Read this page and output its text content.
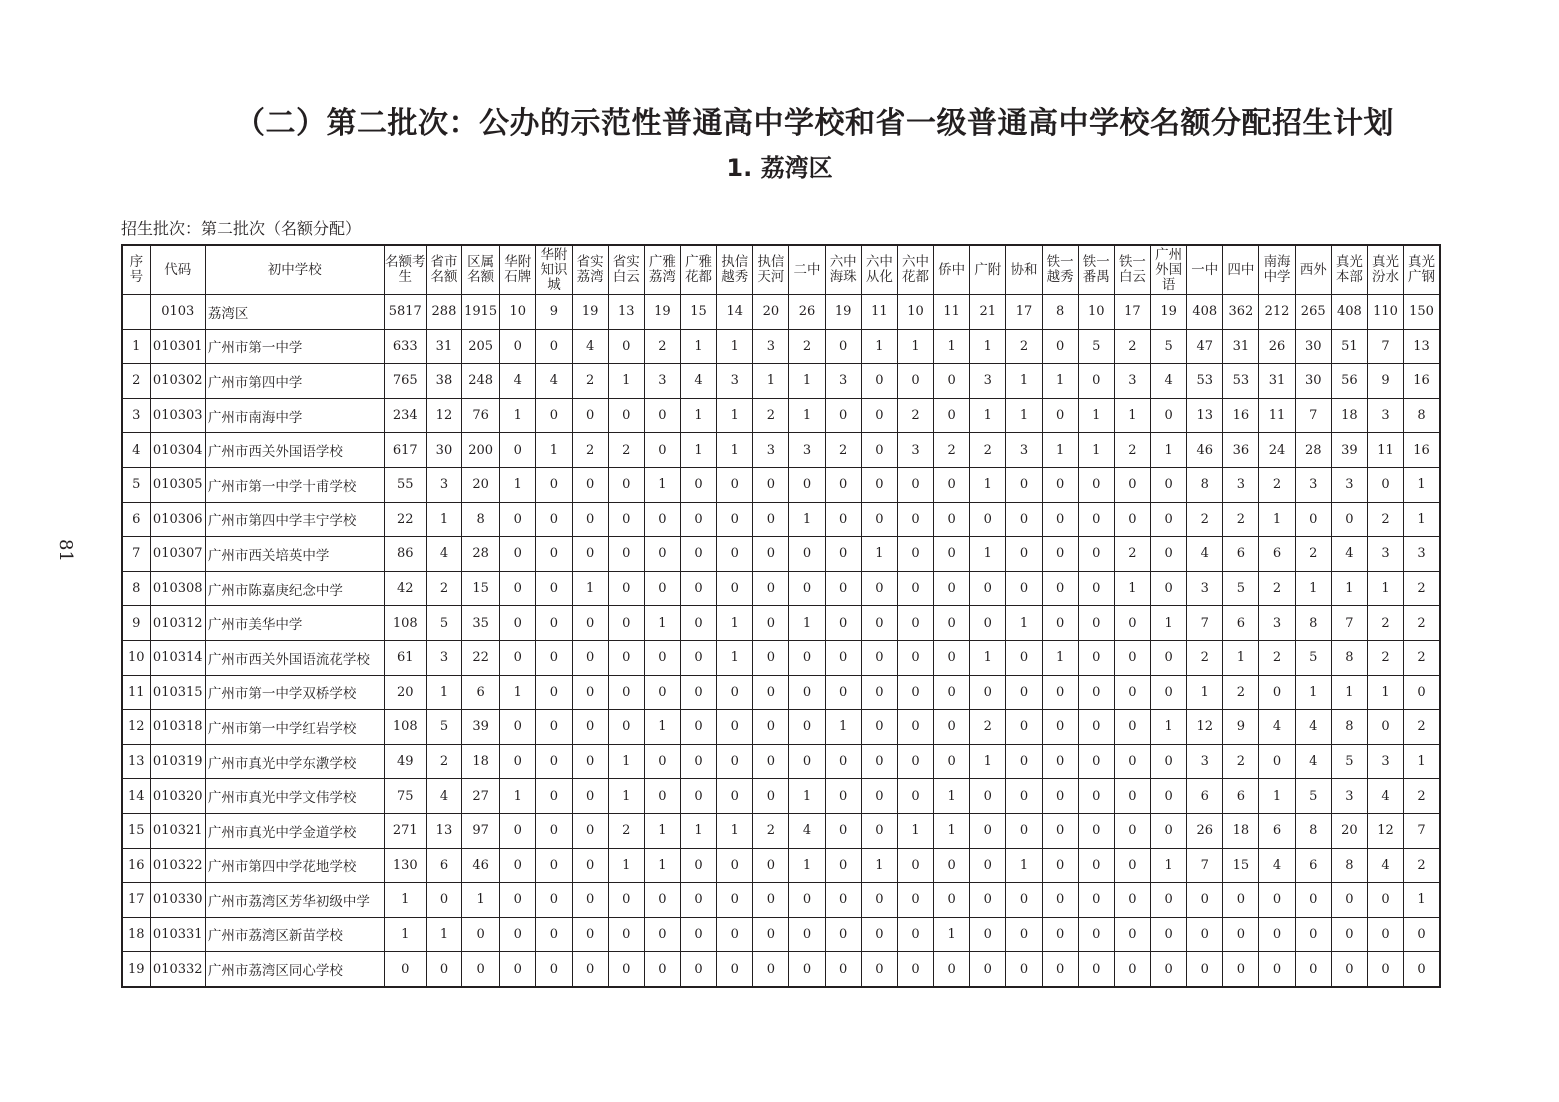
（二）第二批次：公办的示范性普通高中学校和省一级普通高中学校名额分配招生计划
1. 荔湾区
招生批次：第二批次（名额分配）
81
序号	代码	初中学校	名额考生	省市名额	区属名额	华附石牌	华附知识城	省实荔湾	省实白云	广雅荔湾	广雅花都	执信越秀	执信天河	二中	六中海珠	六中从化	六中花都	侨中	广附	协和	铁一越秀	铁一番禺	铁一白云	广州外国语	一中	四中	南海中学	西外	真光本部	真光汾水	真光广钢
	0103	荔湾区	5817	288	1915	10	9	19	13	19	15	14	20	26	19	11	10	11	21	17	8	10	17	19	408	362	212	265	408	110	150
1	010301	广州市第一中学	633	31	205	0	0	4	0	2	1	1	3	2	0	1	1	1	1	2	0	5	2	5	47	31	26	30	51	7	13
2	010302	广州市第四中学	765	38	248	4	4	2	1	3	4	3	1	1	3	0	0	0	3	1	1	0	3	4	53	53	31	30	56	9	16
3	010303	广州市南海中学	234	12	76	1	0	0	0	0	1	1	2	1	0	0	2	0	1	1	0	1	1	0	13	16	11	7	18	3	8
4	010304	广州市西关外国语学校	617	30	200	0	1	2	2	0	1	1	3	3	2	0	3	2	2	3	1	1	2	1	46	36	24	28	39	11	16
5	010305	广州市第一中学十甫学校	55	3	20	1	0	0	0	1	0	0	0	0	0	0	0	0	1	0	0	0	0	0	8	3	2	3	3	0	1
6	010306	广州市第四中学丰宁学校	22	1	8	0	0	0	0	0	0	0	0	1	0	0	0	0	0	0	0	0	0	0	2	2	1	0	0	2	1
7	010307	广州市西关培英中学	86	4	28	0	0	0	0	0	0	0	0	0	0	1	0	0	1	0	0	0	2	0	4	6	6	2	4	3	3
8	010308	广州市陈嘉庚纪念中学	42	2	15	0	0	1	0	0	0	0	0	0	0	0	0	0	0	0	0	0	1	0	3	5	2	1	1	1	2
9	010312	广州市美华中学	108	5	35	0	0	0	0	1	0	1	0	1	0	0	0	0	0	1	0	0	0	1	7	6	3	8	7	2	2
10	010314	广州市西关外国语流花学校	61	3	22	0	0	0	0	0	0	1	0	0	0	0	0	0	1	0	1	0	0	0	2	1	2	5	8	2	2
11	010315	广州市第一中学双桥学校	20	1	6	1	0	0	0	0	0	0	0	0	0	0	0	0	0	0	0	0	0	0	1	2	0	1	1	1	0
12	010318	广州市第一中学红岩学校	108	5	39	0	0	0	0	1	0	0	0	0	1	0	0	0	2	0	0	0	0	1	12	9	4	4	8	0	2
13	010319	广州市真光中学东漖学校	49	2	18	0	0	0	1	0	0	0	0	0	0	0	0	0	1	0	0	0	0	0	3	2	0	4	5	3	1
14	010320	广州市真光中学文伟学校	75	4	27	1	0	0	1	0	0	0	0	1	0	0	0	1	0	0	0	0	0	0	6	6	1	5	3	4	2
15	010321	广州市真光中学金道学校	271	13	97	0	0	0	2	1	1	1	2	4	0	0	1	1	0	0	0	0	0	0	26	18	6	8	20	12	7
16	010322	广州市第四中学花地学校	130	6	46	0	0	0	1	1	0	0	0	1	0	1	0	0	0	1	0	0	0	1	7	15	4	6	8	4	2
17	010330	广州市荔湾区芳华初级中学	1	0	1	0	0	0	0	0	0	0	0	0	0	0	0	0	0	0	0	0	0	0	0	0	0	0	0	0	1
18	010331	广州市荔湾区新苗学校	1	1	0	0	0	0	0	0	0	0	0	0	0	0	0	1	0	0	0	0	0	0	0	0	0	0	0	0	0
19	010332	广州市荔湾区同心学校	0	0	0	0	0	0	0	0	0	0	0	0	0	0	0	0	0	0	0	0	0	0	0	0	0	0	0	0	0
